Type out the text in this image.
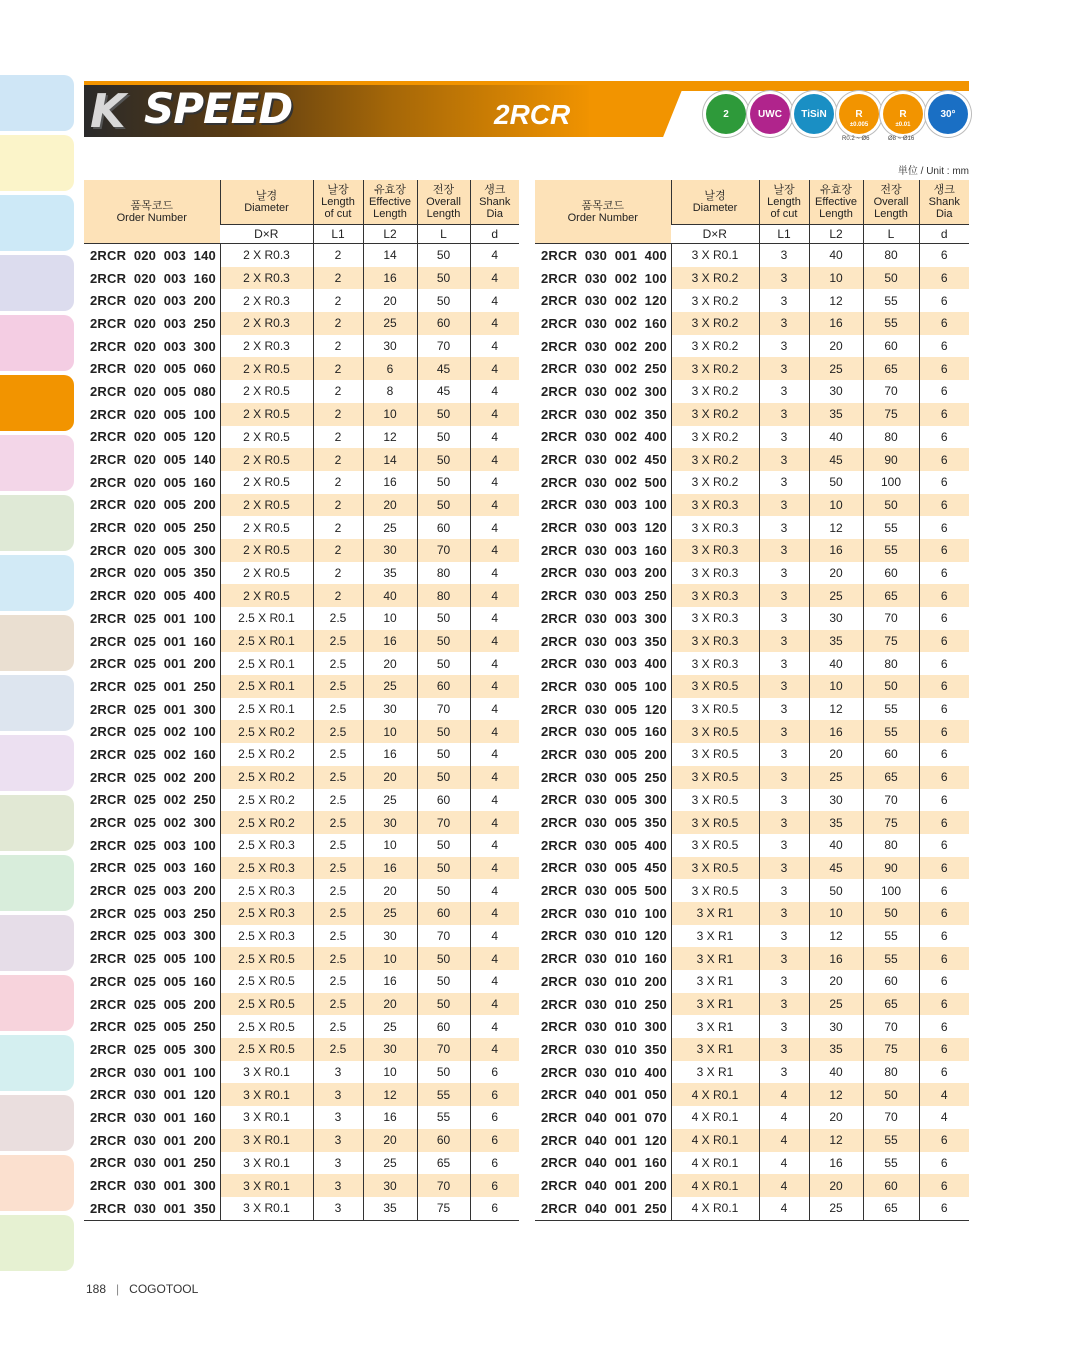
K SPEED	2RCR	2	UWC TiSiN	R
±0.005
R
±0.01
30°
R0.2 ~ Ø6	Ø8 ~ Ø16
単位 / Unit : mm
품목코드
Order Number	날경
Diameter	날장
Length
of cut	유효장
Effective
Length	전장
Overall
Length	생크
Shank
Dia
	D×R	L1	L2	L	d
2RCR  020  003  140	2 X R0.3	2	14	50	4
2RCR  020  003  160	2 X R0.3	2	16	50	4
2RCR  020  003  200	2 X R0.3	2	20	50	4
2RCR  020  003  250	2 X R0.3	2	25	60	4
2RCR  020  003  300	2 X R0.3	2	30	70	4
2RCR  020  005  060	2 X R0.5	2	6	45	4
2RCR  020  005  080	2 X R0.5	2	8	45	4
2RCR  020  005  100	2 X R0.5	2	10	50	4
2RCR  020  005  120	2 X R0.5	2	12	50	4
2RCR  020  005  140	2 X R0.5	2	14	50	4
2RCR  020  005  160	2 X R0.5	2	16	50	4
2RCR  020  005  200	2 X R0.5	2	20	50	4
2RCR  020  005  250	2 X R0.5	2	25	60	4
2RCR  020  005  300	2 X R0.5	2	30	70	4
2RCR  020  005  350	2 X R0.5	2	35	80	4
2RCR  020  005  400	2 X R0.5	2	40	80	4
2RCR  025  001  100	2.5 X R0.1	2.5	10	50	4
2RCR  025  001  160	2.5 X R0.1	2.5	16	50	4
2RCR  025  001  200	2.5 X R0.1	2.5	20	50	4
2RCR  025  001  250	2.5 X R0.1	2.5	25	60	4
2RCR  025  001  300	2.5 X R0.1	2.5	30	70	4
2RCR  025  002  100	2.5 X R0.2	2.5	10	50	4
2RCR  025  002  160	2.5 X R0.2	2.5	16	50	4
2RCR  025  002  200	2.5 X R0.2	2.5	20	50	4
2RCR  025  002  250	2.5 X R0.2	2.5	25	60	4
2RCR  025  002  300	2.5 X R0.2	2.5	30	70	4
2RCR  025  003  100	2.5 X R0.3	2.5	10	50	4
2RCR  025  003  160	2.5 X R0.3	2.5	16	50	4
2RCR  025  003  200	2.5 X R0.3	2.5	20	50	4
2RCR  025  003  250	2.5 X R0.3	2.5	25	60	4
2RCR  025  003  300	2.5 X R0.3	2.5	30	70	4
2RCR  025  005  100	2.5 X R0.5	2.5	10	50	4
2RCR  025  005  160	2.5 X R0.5	2.5	16	50	4
2RCR  025  005  200	2.5 X R0.5	2.5	20	50	4
2RCR  025  005  250	2.5 X R0.5	2.5	25	60	4
2RCR  025  005  300	2.5 X R0.5	2.5	30	70	4
2RCR  030  001  100	3 X R0.1	3	10	50	6
2RCR  030  001  120	3 X R0.1	3	12	55	6
2RCR  030  001  160	3 X R0.1	3	16	55	6
2RCR  030  001  200	3 X R0.1	3	20	60	6
2RCR  030  001  250	3 X R0.1	3	25	65	6
2RCR  030  001  300	3 X R0.1	3	30	70	6
2RCR  030  001  350	3 X R0.1	3	35	75	6
품목코드
Order Number	날경
Diameter	날장
Length
of cut	유효장
Effective
Length	전장
Overall
Length	생크
Shank
Dia
	D×R	L1	L2	L	d
2RCR  030  001  400	3 X R0.1	3	40	80	6
2RCR  030  002  100	3 X R0.2	3	10	50	6
2RCR  030  002  120	3 X R0.2	3	12	55	6
2RCR  030  002  160	3 X R0.2	3	16	55	6
2RCR  030  002  200	3 X R0.2	3	20	60	6
2RCR  030  002  250	3 X R0.2	3	25	65	6
2RCR  030  002  300	3 X R0.2	3	30	70	6
2RCR  030  002  350	3 X R0.2	3	35	75	6
2RCR  030  002  400	3 X R0.2	3	40	80	6
2RCR  030  002  450	3 X R0.2	3	45	90	6
2RCR  030  002  500	3 X R0.2	3	50	100	6
2RCR  030  003  100	3 X R0.3	3	10	50	6
2RCR  030  003  120	3 X R0.3	3	12	55	6
2RCR  030  003  160	3 X R0.3	3	16	55	6
2RCR  030  003  200	3 X R0.3	3	20	60	6
2RCR  030  003  250	3 X R0.3	3	25	65	6
2RCR  030  003  300	3 X R0.3	3	30	70	6
2RCR  030  003  350	3 X R0.3	3	35	75	6
2RCR  030  003  400	3 X R0.3	3	40	80	6
2RCR  030  005  100	3 X R0.5	3	10	50	6
2RCR  030  005  120	3 X R0.5	3	12	55	6
2RCR  030  005  160	3 X R0.5	3	16	55	6
2RCR  030  005  200	3 X R0.5	3	20	60	6
2RCR  030  005  250	3 X R0.5	3	25	65	6
2RCR  030  005  300	3 X R0.5	3	30	70	6
2RCR  030  005  350	3 X R0.5	3	35	75	6
2RCR  030  005  400	3 X R0.5	3	40	80	6
2RCR  030  005  450	3 X R0.5	3	45	90	6
2RCR  030  005  500	3 X R0.5	3	50	100	6
2RCR  030  010  100	3 X R1	3	10	50	6
2RCR  030  010  120	3 X R1	3	12	55	6
2RCR  030  010  160	3 X R1	3	16	55	6
2RCR  030  010  200	3 X R1	3	20	60	6
2RCR  030  010  250	3 X R1	3	25	65	6
2RCR  030  010  300	3 X R1	3	30	70	6
2RCR  030  010  350	3 X R1	3	35	75	6
2RCR  030  010  400	3 X R1	3	40	80	6
2RCR  040  001  050	4 X R0.1	4	12	50	4
2RCR  040  001  070	4 X R0.1	4	20	70	4
2RCR  040  001  120	4 X R0.1	4	12	55	6
2RCR  040  001  160	4 X R0.1	4	16	55	6
2RCR  040  001  200	4 X R0.1	4	20	60	6
2RCR  040  001  250	4 X R0.1	4	25	65	6
188 | COGOTOOL
